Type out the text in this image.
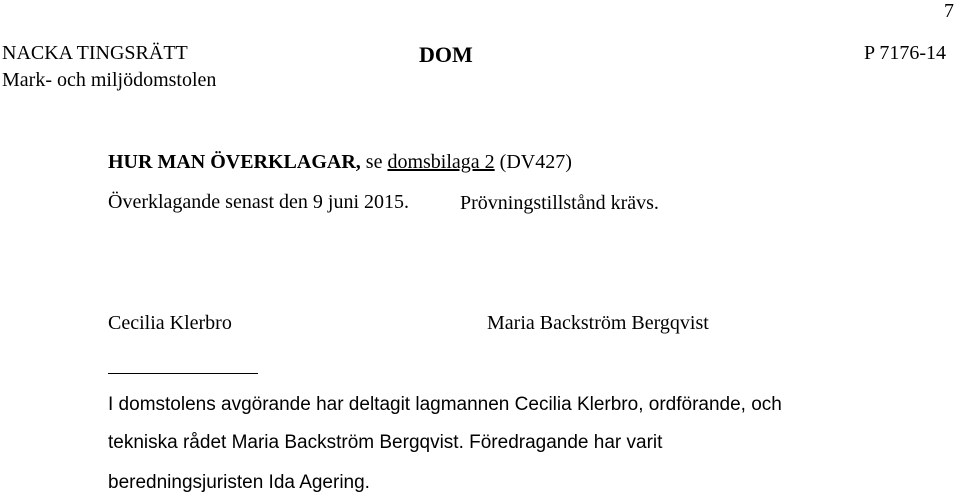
7
NACKA TINGSRÄTT
Mark- och miljödomstolen
DOM	P 7176-14
HUR MAN ÖVERKLAGAR, se domsbilaga 2 (DV427)
Överklagande senast den 9 juni 2015.	Prövningstillstånd krävs.
Cecilia Klerbro	Maria Backström Bergqvist
I domstolens avgörande har deltagit lagmannen Cecilia Klerbro, ordförande, och
tekniska rådet Maria Backström Bergqvist. Föredragande har varit
beredningsjuristen Ida Agering.
